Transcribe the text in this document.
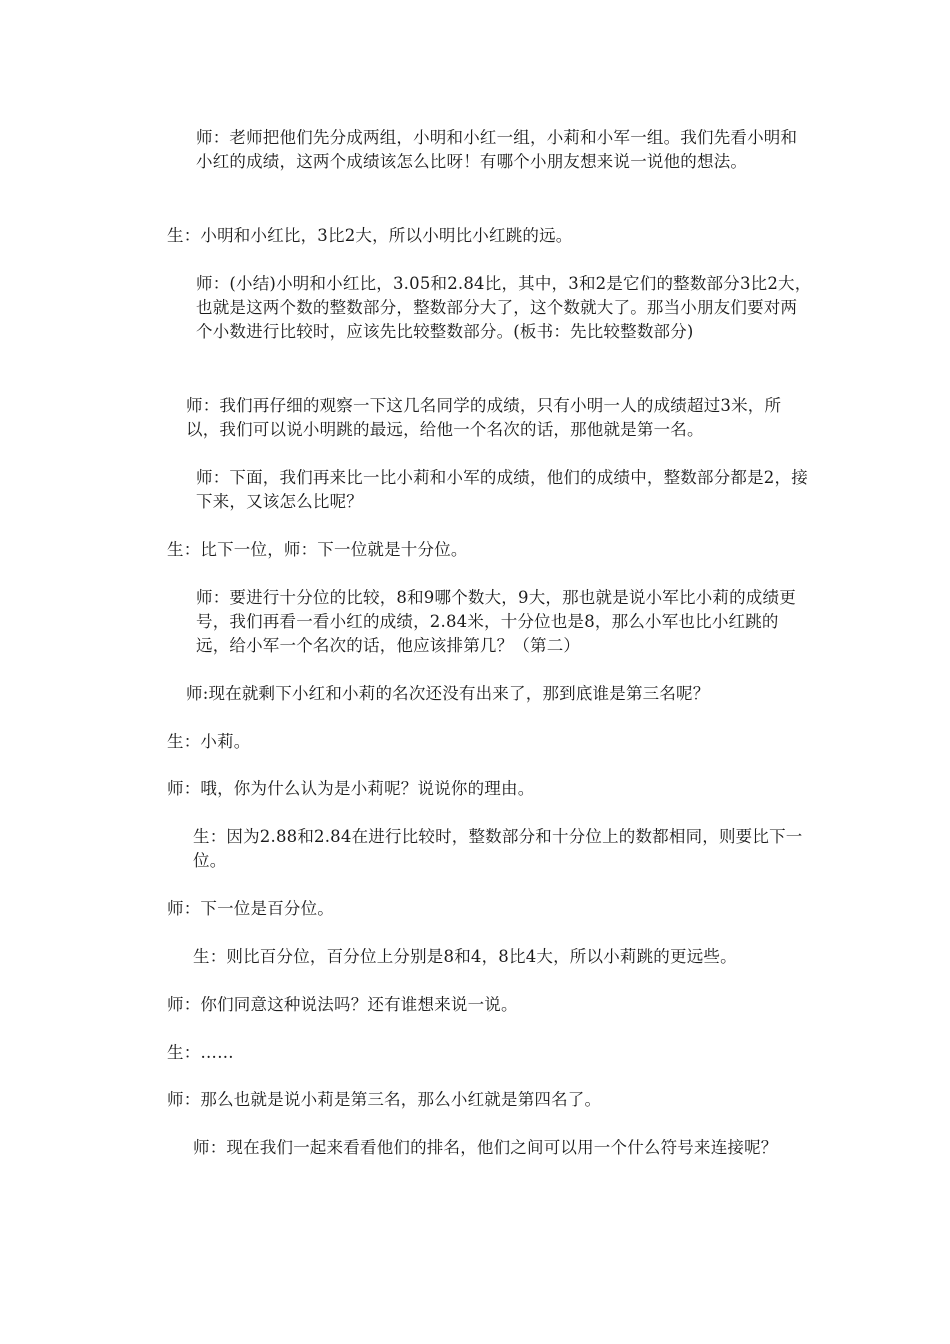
师：老师把他们先分成两组，小明和小红一组，小莉和小军一组。我们先看小明和小红的成绩，这两个成绩该怎么比呀！有哪个小朋友想来说一说他的想法。

生：小明和小红比，3比2大，所以小明比小红跳的远。

师：(小结)小明和小红比，3.05和2.84比，其中，3和2是它们的整数部分3比2大，也就是这两个数的整数部分，整数部分大了，这个数就大了。那当小朋友们要对两个小数进行比较时，应该先比较整数部分。(板书：先比较整数部分)

师：我们再仔细的观察一下这几名同学的成绩，只有小明一人的成绩超过3米，所以，我们可以说小明跳的最远，给他一个名次的话，那他就是第一名。

师：下面，我们再来比一比小莉和小军的成绩，他们的成绩中，整数部分都是2，接下来，又该怎么比呢？

生：比下一位，师：下一位就是十分位。

师：要进行十分位的比较，8和9哪个数大，9大，那也就是说小军比小莉的成绩更号，我们再看一看小红的成绩，2.84米，十分位也是8，那么小军也比小红跳的远，给小军一个名次的话，他应该排第几？（第二）

师:现在就剩下小红和小莉的名次还没有出来了，那到底谁是第三名呢？

生：小莉。

师：哦，你为什么认为是小莉呢？说说你的理由。

生：因为2.88和2.84在进行比较时，整数部分和十分位上的数都相同，则要比下一位。

师：下一位是百分位。

生：则比百分位，百分位上分别是8和4，8比4大，所以小莉跳的更远些。

师：你们同意这种说法吗？还有谁想来说一说。

生：……

师：那么也就是说小莉是第三名，那么小红就是第四名了。

师：现在我们一起来看看他们的排名，他们之间可以用一个什么符号来连接呢？
